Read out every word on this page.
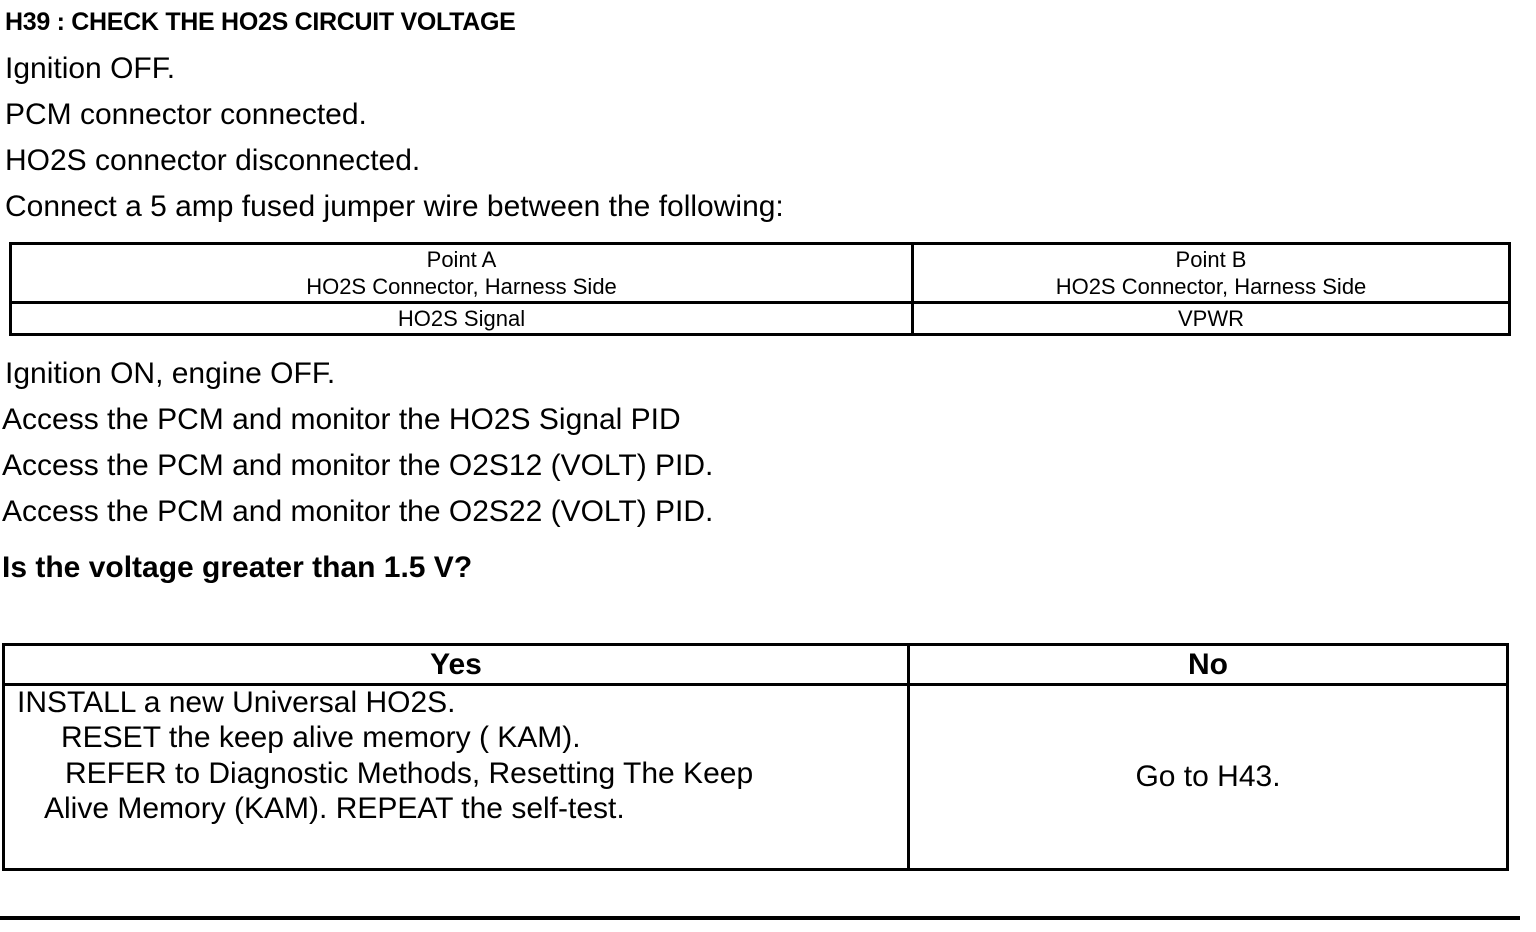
H39 : CHECK THE HO2S CIRCUIT VOLTAGE
Ignition OFF.
PCM connector connected.
HO2S connector disconnected.
Connect a 5 amp fused jumper wire between the following:
Point A
HO2S Connector, Harness Side
Point B
HO2S Connector, Harness Side
HO2S Signal	VPWR
Ignition ON, engine OFF.
Access the PCM and monitor the HO2S Signal PID
Access the PCM and monitor the O2S12 (VOLT) PID.
Access the PCM and monitor the O2S22 (VOLT) PID.
Is the voltage greater than 1.5 V?
Yes	No
INSTALL a new Universal HO2S.
RESET the keep alive memory ( KAM).
REFER to Diagnostic Methods, Resetting The Keep
Alive Memory (KAM). REPEAT the self-test.
Go to H43.
